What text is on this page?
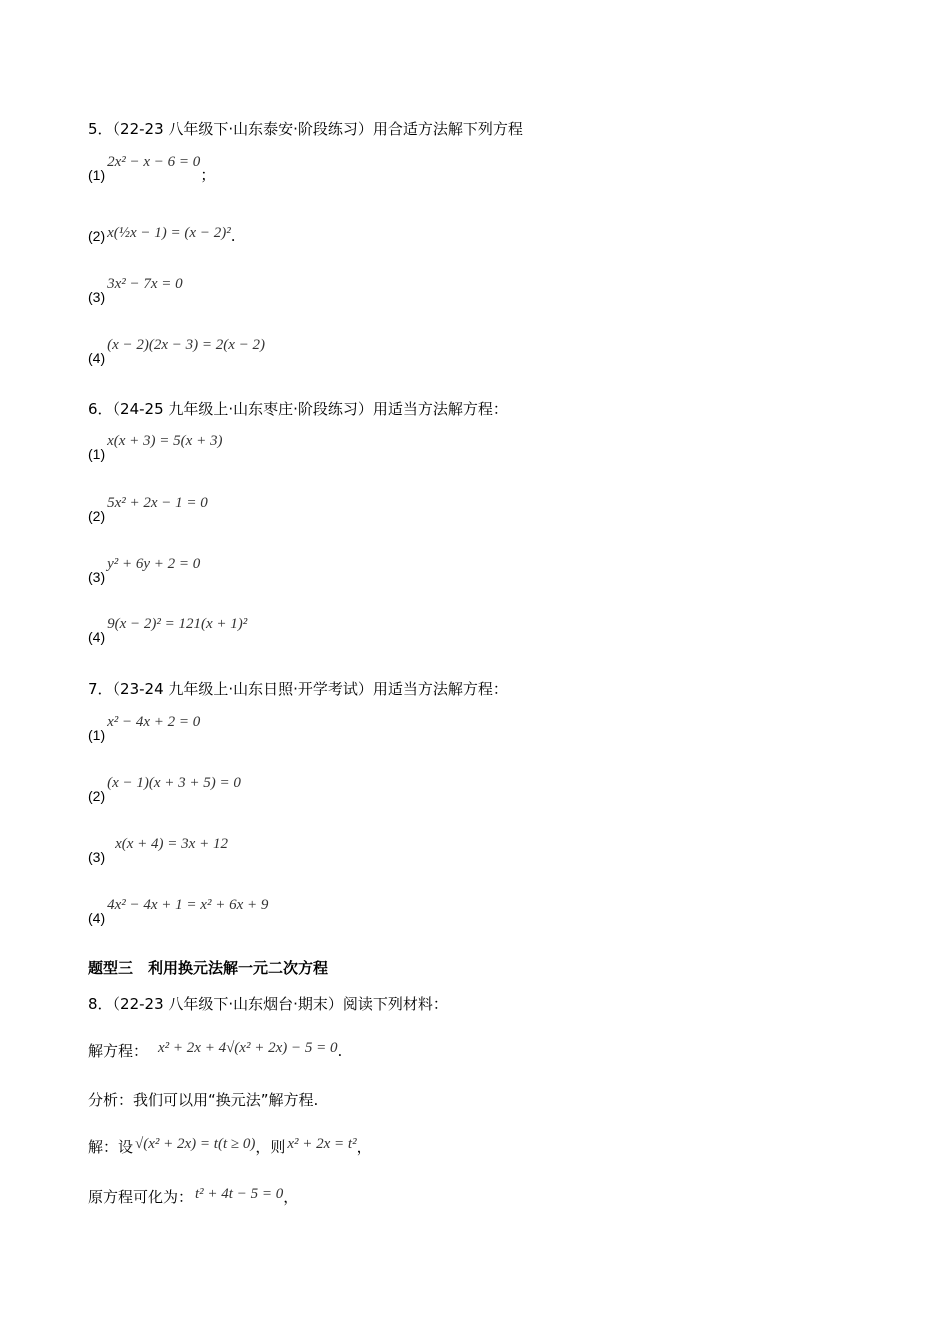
5．（22-23 八年级下·山东泰安·阶段练习）用合适方法解下列方程
(1)2x² − x − 6 = 0；
(2) x(½x − 1) = (x − 2)².
(3)3x² − 7x = 0
(4)(x − 2)(2x − 3) = 2(x − 2)
6．（24-25 九年级上·山东枣庄·阶段练习）用适当方法解方程：
(1)x(x + 3) = 5(x + 3)
(2)5x² + 2x − 1 = 0
(3)y² + 6y + 2 = 0
(4)9(x − 2)² = 121(x + 1)²
7．（23-24 九年级上·山东日照·开学考试）用适当方法解方程：
(1)x² − 4x + 2 = 0
(2)(x − 1)(x + 3 + 5) = 0
(3)x(x + 4) = 3x + 12
(4)4x² − 4x + 1 = x² + 6x + 9
题型三　利用换元法解一元二次方程
8．（22-23 八年级下·山东烟台·期末）阅读下列材料：
解方程： x² + 2x + 4√(x² + 2x) − 5 = 0.
分析：我们可以用“换元法”解方程.
解：设 √(x² + 2x) = t(t ≥ 0)，则 x² + 2x = t²，
原方程可化为： t² + 4t − 5 = 0，
